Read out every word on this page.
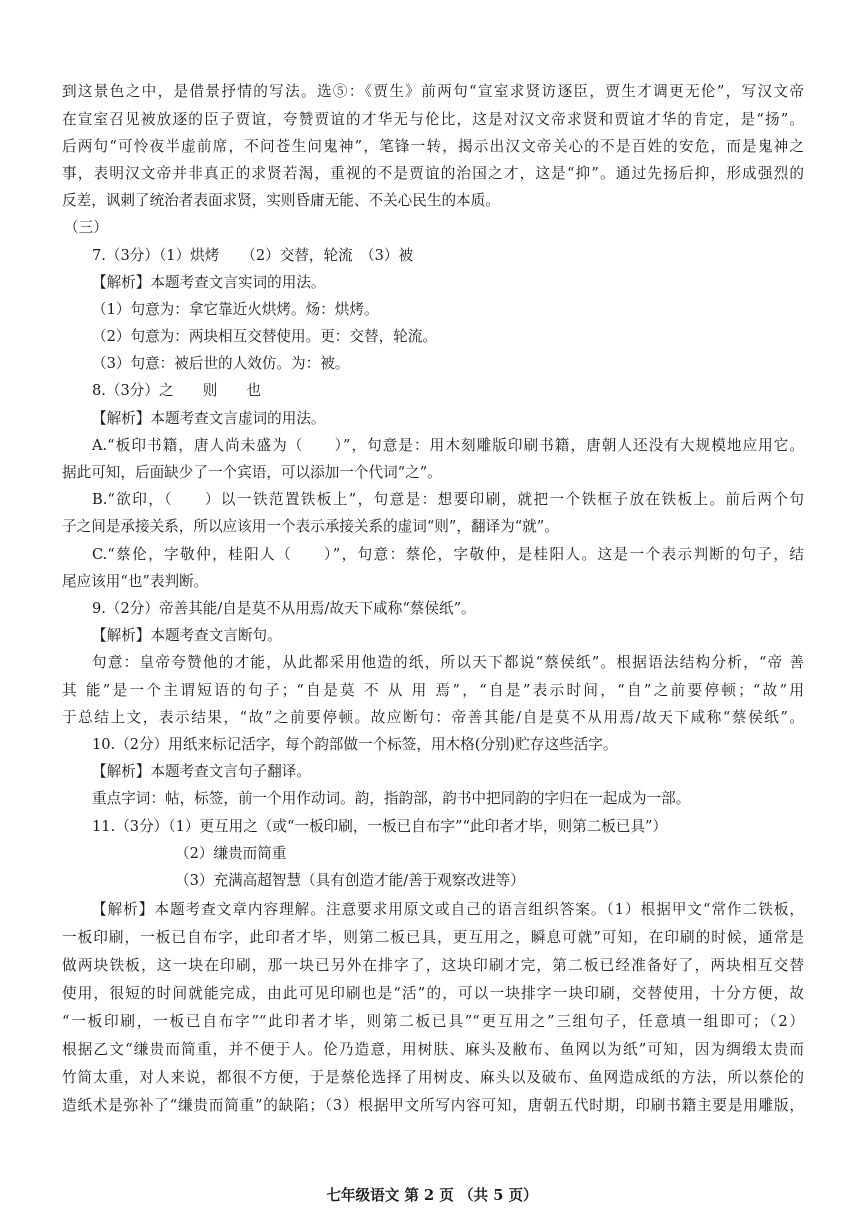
到这景色之中，是借景抒情的写法。选⑤：《贾生》前两句“宣室求贤访逐臣，贾生才调更无伦”，写汉文帝
在宣室召见被放逐的臣子贾谊，夸赞贾谊的才华无与伦比，这是对汉文帝求贤和贾谊才华的肯定，是“扬”。
后两句“可怜夜半虚前席，不问苍生问鬼神”，笔锋一转，揭示出汉文帝关心的不是百姓的安危，而是鬼神之
事，表明汉文帝并非真正的求贤若渴，重视的不是贾谊的治国之才，这是“抑”。通过先扬后抑，形成强烈的
反差，讽刺了统治者表面求贤，实则昏庸无能、不关心民生的本质。
（三）
7.（3分）（1）烘烤　　（2）交替，轮流　（3）被
【解析】本题考查文言实词的用法。
（1）句意为：拿它靠近火烘烤。炀：烘烤。
（2）句意为：两块相互交替使用。更：交替，轮流。
（3）句意：被后世的人效仿。为：被。
8.（3分）之　　则　　也
【解析】本题考查文言虚词的用法。
A.“板印书籍，唐人尚未盛为（　　）”，句意是：用木刻雕版印刷书籍，唐朝人还没有大规模地应用它。
据此可知，后面缺少了一个宾语，可以添加一个代词“之”。
B.“欲印，（　　）以一铁范置铁板上”，句意是：想要印刷，就把一个铁框子放在铁板上。前后两个句
子之间是承接关系，所以应该用一个表示承接关系的虚词“则”，翻译为“就”。
C.“蔡伦，字敬仲，桂阳人（　　）”，句意：蔡伦，字敬仲，是桂阳人。这是一个表示判断的句子，结
尾应该用“也”表判断。
9.（2分）帝善其能/自是莫不从用焉/故天下咸称“蔡侯纸”。
【解析】本题考查文言断句。
句意：皇帝夸赞他的才能，从此都采用他造的纸，所以天下都说“蔡侯纸”。根据语法结构分析，“帝 善
其 能”是一个主谓短语的句子；“自是莫 不 从 用 焉”，“自是”表示时间，“自”之前要停顿；“故”用
于总结上文，表示结果，“故”之前要停顿。故应断句：帝善其能/自是莫不从用焉/故天下咸称“蔡侯纸”。
10.（2分）用纸来标记活字，每个韵部做一个标签，用木格(分别)贮存这些活字。
【解析】本题考查文言句子翻译。
重点字词：帖，标签，前一个用作动词。韵，指韵部，韵书中把同韵的字归在一起成为一部。
11.（3分）（1）更互用之（或“一板印刷，一板已自布字”“此印者才毕，则第二板已具”）
（2）缣贵而简重
（3）充满高超智慧（具有创造才能/善于观察改进等）
【解析】本题考查文章内容理解。注意要求用原文或自己的语言组织答案。（1）根据甲文“常作二铁板，
一板印刷，一板已自布字，此印者才毕，则第二板已具，更互用之，瞬息可就”可知，在印刷的时候，通常是
做两块铁板，这一块在印刷，那一块已另外在排字了，这块印刷才完，第二板已经准备好了，两块相互交替
使用，很短的时间就能完成，由此可见印刷也是“活”的，可以一块排字一块印刷，交替使用，十分方便，故
“一板印刷，一板已自布字”“此印者才毕，则第二板已具”“更互用之”三组句子，任意填一组即可；（2）
根据乙文“缣贵而简重，并不便于人。伦乃造意，用树肤、麻头及敝布、鱼网以为纸”可知，因为绸缎太贵而
竹简太重，对人来说，都很不方便，于是蔡伦选择了用树皮、麻头以及破布、鱼网造成纸的方法，所以蔡伦的
造纸术是弥补了“缣贵而简重”的缺陷；（3）根据甲文所写内容可知，唐朝五代时期，印刷书籍主要是用雕版，
七年级语文 第 2 页 （共 5 页）
